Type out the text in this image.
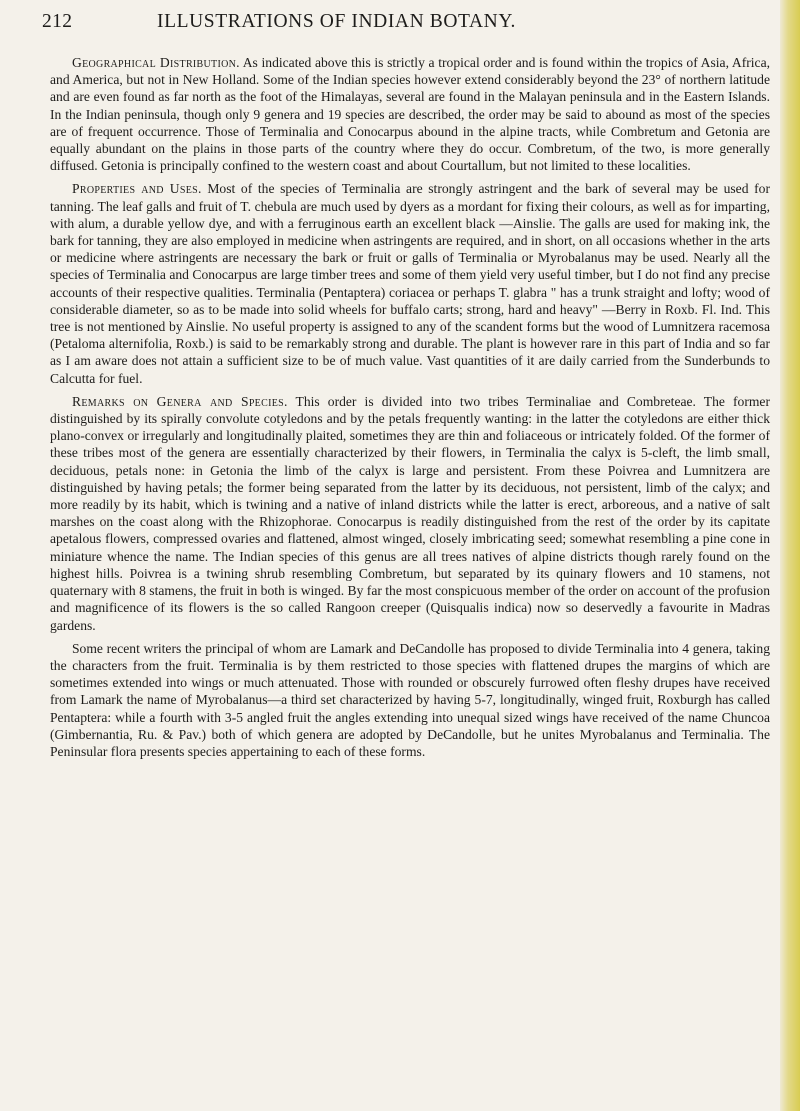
212	ILLUSTRATIONS OF INDIAN BOTANY.

Geographical Distribution. As indicated above this is strictly a tropical order and is found within the tropics of Asia, Africa, and America, but not in New Holland. Some of the Indian species however extend considerably beyond the 23° of northern latitude and are even found as far north as the foot of the Himalayas, several are found in the Malayan peninsula and in the Eastern Islands. In the Indian peninsula, though only 9 genera and 19 species are described, the order may be said to abound as most of the species are of frequent occurrence. Those of Terminalia and Conocarpus abound in the alpine tracts, while Combretum and Getonia are equally abundant on the plains in those parts of the country where they do occur. Combretum, of the two, is more generally diffused. Getonia is principally confined to the western coast and about Courtallum, but not limited to these localities.

Properties and Uses. Most of the species of Terminalia are strongly astringent and the bark of several may be used for tanning. The leaf galls and fruit of T. chebula are much used by dyers as a mordant for fixing their colours, as well as for imparting, with alum, a durable yellow dye, and with a ferruginous earth an excellent black —Ainslie. The galls are used for making ink, the bark for tanning, they are also employed in medicine when astringents are required, and in short, on all occasions whether in the arts or medicine where astringents are necessary the bark or fruit or galls of Terminalia or Myrobalanus may be used. Nearly all the species of Terminalia and Conocarpus are large timber trees and some of them yield very useful timber, but I do not find any precise accounts of their respective qualities. Terminalia (Pentaptera) coriacea or perhaps T. glabra " has a trunk straight and lofty; wood of considerable diameter, so as to be made into solid wheels for buffalo carts; strong, hard and heavy" —Berry in Roxb. Fl. Ind. This tree is not mentioned by Ainslie. No useful property is assigned to any of the scandent forms but the wood of Lumnitzera racemosa (Petaloma alternifolia, Roxb.) is said to be remarkably strong and durable. The plant is however rare in this part of India and so far as I am aware does not attain a sufficient size to be of much value. Vast quantities of it are daily carried from the Sunderbunds to Calcutta for fuel.

Remarks on Genera and Species. This order is divided into two tribes Terminaliae and Combreteae. The former distinguished by its spirally convolute cotyledons and by the petals frequently wanting: in the latter the cotyledons are either thick plano-convex or irregularly and longitudinally plaited, sometimes they are thin and foliaceous or intricately folded. Of the former of these tribes most of the genera are essentially characterized by their flowers, in Terminalia the calyx is 5-cleft, the limb small, deciduous, petals none: in Getonia the limb of the calyx is large and persistent. From these Poivrea and Lumnitzera are distinguished by having petals; the former being separated from the latter by its deciduous, not persistent, limb of the calyx; and more readily by its habit, which is twining and a native of inland districts while the latter is erect, arboreous, and a native of salt marshes on the coast along with the Rhizophorae. Conocarpus is readily distinguished from the rest of the order by its capitate apetalous flowers, compressed ovaries and flattened, almost winged, closely imbricating seed; somewhat resembling a pine cone in miniature whence the name. The Indian species of this genus are all trees natives of alpine districts though rarely found on the highest hills. Poivrea is a twining shrub resembling Combretum, but separated by its quinary flowers and 10 stamens, not quaternary with 8 stamens, the fruit in both is winged. By far the most conspicuous member of the order on account of the profusion and magnificence of its flowers is the so called Rangoon creeper (Quisqualis indica) now so deservedly a favourite in Madras gardens.

Some recent writers the principal of whom are Lamark and DeCandolle has proposed to divide Terminalia into 4 genera, taking the characters from the fruit. Terminalia is by them restricted to those species with flattened drupes the margins of which are sometimes extended into wings or much attenuated. Those with rounded or obscurely furrowed often fleshy drupes have received from Lamark the name of Myrobalanus—a third set characterized by having 5-7, longitudinally, winged fruit, Roxburgh has called Pentaptera: while a fourth with 3-5 angled fruit the angles extending into unequal sized wings have received of the name Chuncoa (Gimbernantia, Ru. & Pav.) both of which genera are adopted by DeCandolle, but he unites Myrobalanus and Terminalia. The Peninsular flora presents species appertaining to each of these forms.
